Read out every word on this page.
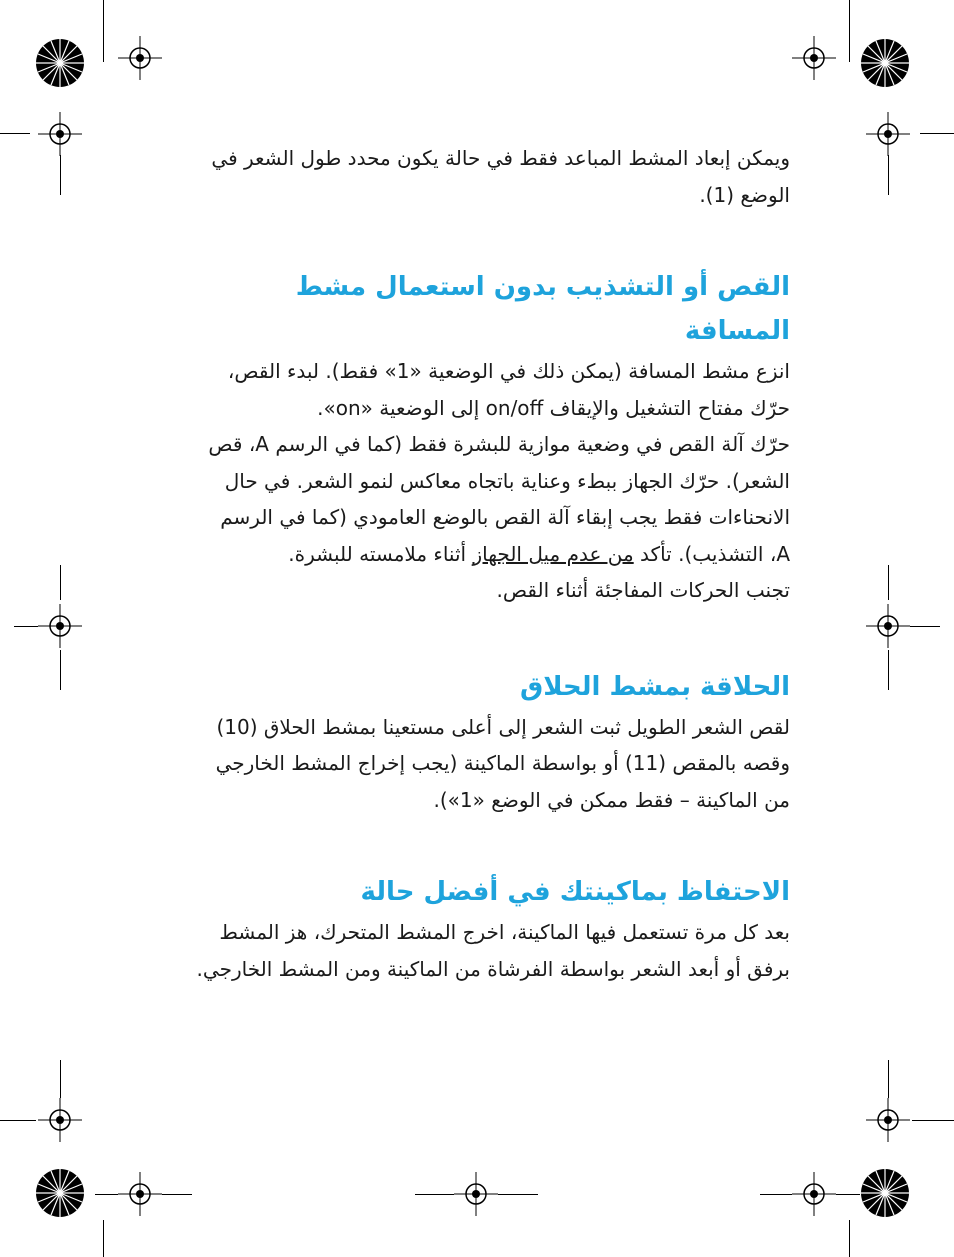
ويمكن إبعاد المشط المباعد فقط في حالة يكون محدد طول الشعر في
الوضع (1).

القص أو التشذيب بدون استعمال مشط المسافة

انزع مشط المسافة (يمكن ذلك في الوضعية «1» فقط). لبدء القص،
حرّك مفتاح التشغيل والإيقاف on/off إلى الوضعية «on».
حرّك آلة القص في وضعية موازية للبشرة فقط (كما في الرسم A، قص
الشعر). حرّك الجهاز ببطء وعناية باتجاه معاكس لنمو الشعر. في حال
الانحناءات فقط يجب إبقاء آلة القص بالوضع العامودي (كما في الرسم
A، التشذيب). تأكد من عدم ميل الجهاز أثناء ملامسته للبشرة.
تجنب الحركات المفاجئة أثناء القص.

الحلاقة بمشط الحلاق

لقص الشعر الطويل ثبت الشعر إلى أعلى مستعينا بمشط الحلاق (10)
وقصه بالمقص (11) أو بواسطة الماكينة (يجب إخراج المشط الخارجي
من الماكينة – فقط ممكن في الوضع «1»).

الاحتفاظ بماكينتك في أفضل حالة

بعد كل مرة تستعمل فيها الماكينة، اخرج المشط المتحرك، هز المشط
برفق أو أبعد الشعر بواسطة الفرشاة من الماكينة ومن المشط الخارجي.
